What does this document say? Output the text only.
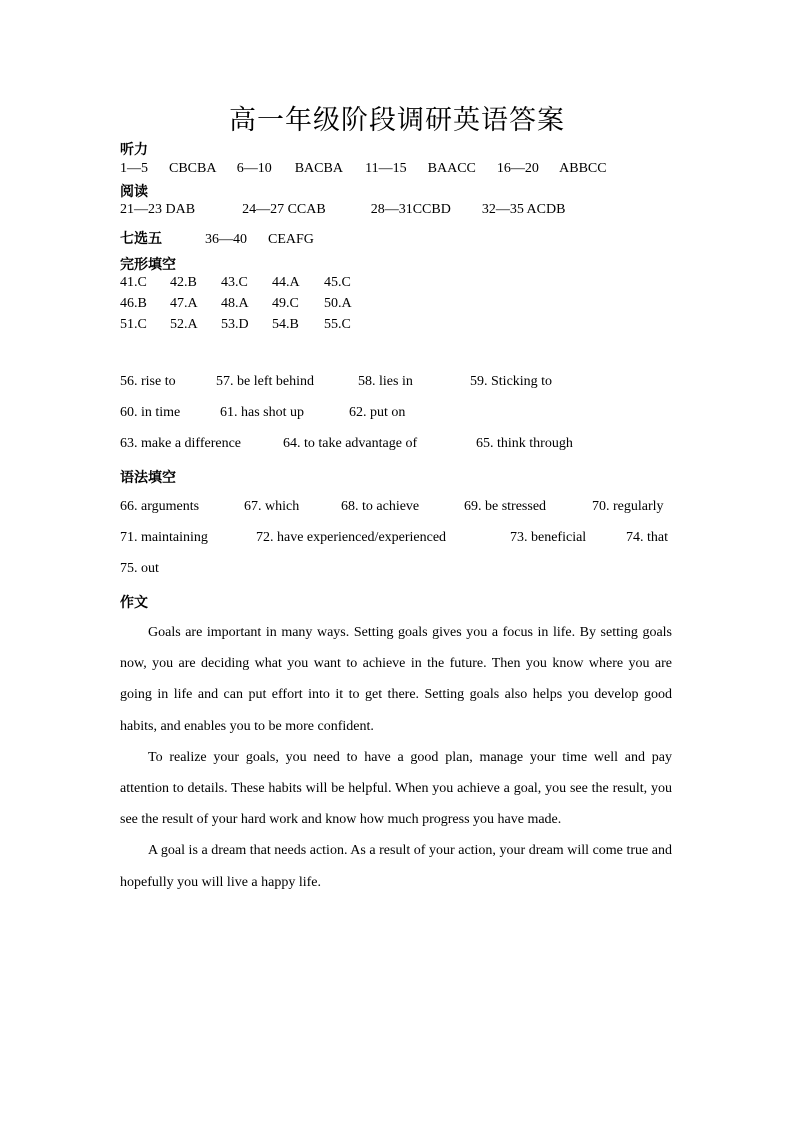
高一年级阶段调研英语答案
听力
1—5 CBCBA 6—10 BACBA 11—15 BAACC 16—20 ABBCC
阅读
21—23 DAB	24—27 CCAB	28—31CCBD 32—35 ACDB
七选五	36—40 CEAFG
完形填空
41.C 42.B 43.C 44.A 45.C
46.B 47.A 48.A 49.C 50.A
51.C 52.A 53.D 54.B 55.C
56. rise to	57. be left behind	58. lies in	59. Sticking to
60. in time	61. has shot up	62. put on
63. make a difference	64. to take advantage of	65. think through
语法填空
66. arguments	67. which	68. to achieve	69. be stressed	70. regularly
71. maintaining	72. have experienced/experienced	73. beneficial	74. that
75. out
作文

Goals are important in many ways. Setting goals gives you a focus in life. By setting goals now, you are deciding what you want to achieve in the future. Then you know where you are going in life and can put effort into it to get there. Setting goals also helps you develop good habits, and enables you to be more confident.

To realize your goals, you need to have a good plan, manage your time well and pay attention to details. These habits will be helpful. When you achieve a goal, you see the result, you see the result of your hard work and know how much progress you have made.

A goal is a dream that needs action. As a result of your action, your dream will come true and hopefully you will live a happy life.
